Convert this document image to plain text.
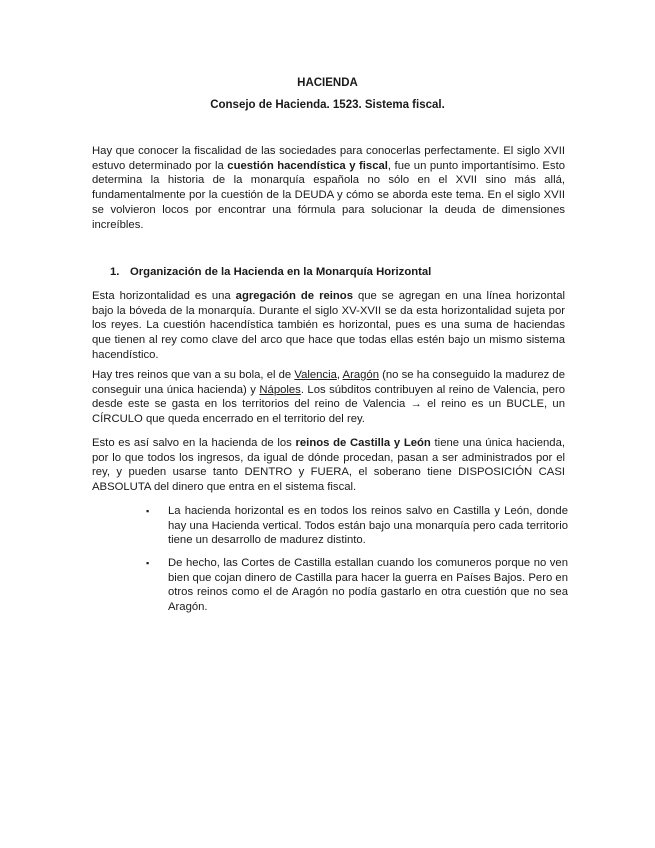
HACIENDA
Consejo de Hacienda. 1523. Sistema fiscal.

Hay que conocer la fiscalidad de las sociedades para conocerlas perfectamente. El siglo XVII estuvo determinado por la cuestión hacendística y fiscal, fue un punto importantísimo. Esto determina la historia de la monarquía española no sólo en el XVII sino más allá, fundamentalmente por la cuestión de la DEUDA y cómo se aborda este tema. En el siglo XVII se volvieron locos por encontrar una fórmula para solucionar la deuda de dimensiones increíbles.

1. Organización de la Hacienda en la Monarquía Horizontal

Esta horizontalidad es una agregación de reinos que se agregan en una línea horizontal bajo la bóveda de la monarquía. Durante el siglo XV-XVII se da esta horizontalidad sujeta por los reyes. La cuestión hacendística también es horizontal, pues es una suma de haciendas que tienen al rey como clave del arco que hace que todas ellas estén bajo un mismo sistema hacendístico.

Hay tres reinos que van a su bola, el de Valencia, Aragón (no se ha conseguido la madurez de conseguir una única hacienda) y Nápoles. Los súbditos contribuyen al reino de Valencia, pero desde este se gasta en los territorios del reino de Valencia → el reino es un BUCLE, un CÍRCULO que queda encerrado en el territorio del rey.

Esto es así salvo en la hacienda de los reinos de Castilla y León tiene una única hacienda, por lo que todos los ingresos, da igual de dónde procedan, pasan a ser administrados por el rey, y pueden usarse tanto DENTRO y FUERA, el soberano tiene DISPOSICIÓN CASI ABSOLUTA del dinero que entra en el sistema fiscal.

▪ La hacienda horizontal es en todos los reinos salvo en Castilla y León, donde hay una Hacienda vertical. Todos están bajo una monarquía pero cada territorio tiene un desarrollo de madurez distinto.
▪ De hecho, las Cortes de Castilla estallan cuando los comuneros porque no ven bien que cojan dinero de Castilla para hacer la guerra en Países Bajos. Pero en otros reinos como el de Aragón no podía gastarlo en otra cuestión que no sea Aragón.
